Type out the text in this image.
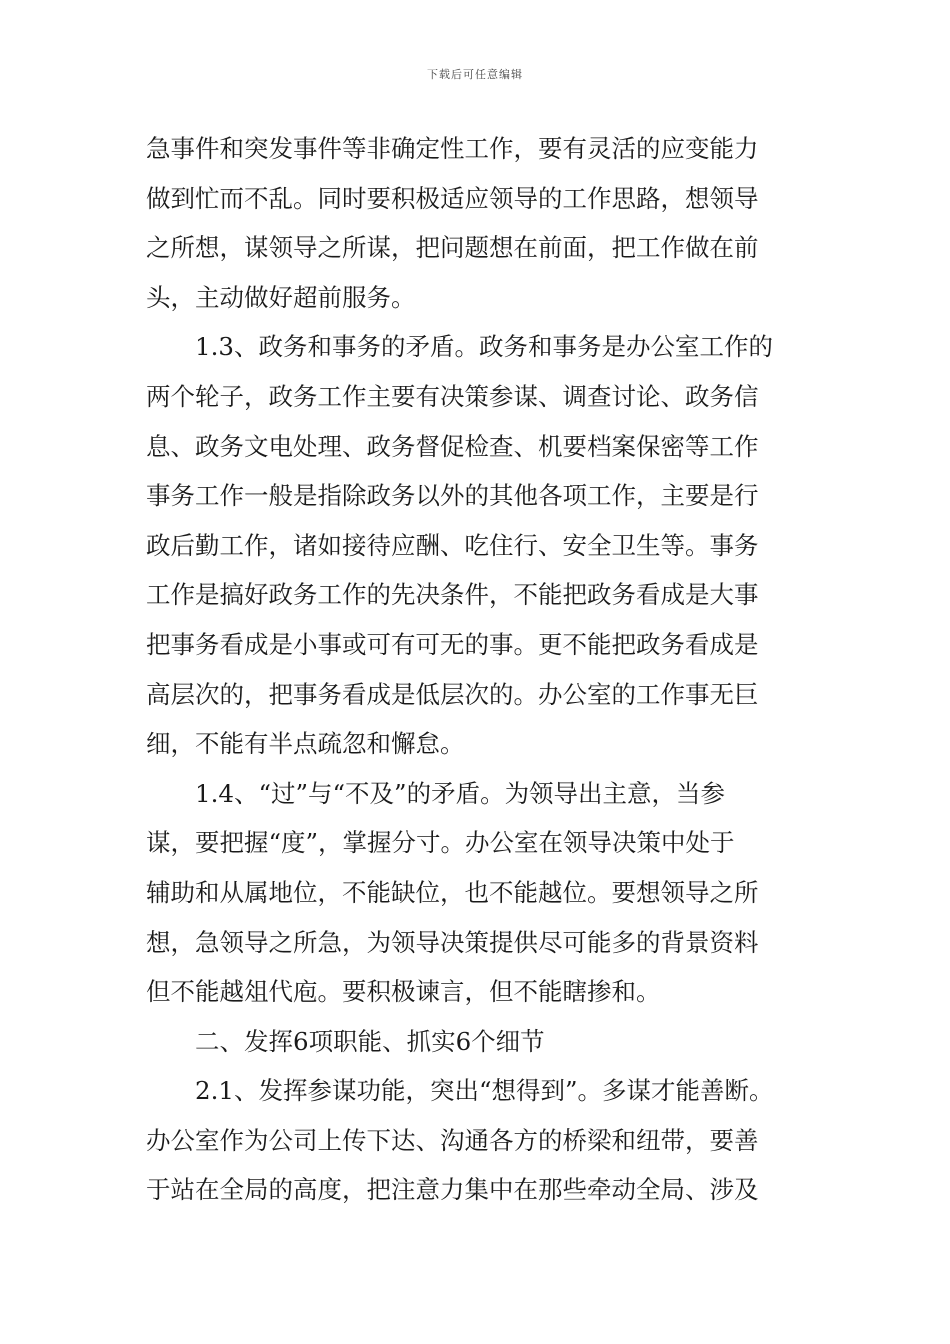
下载后可任意编辑
急事件和突发事件等非确定性工作，要有灵活的应变能力
做到忙而不乱。同时要积极适应领导的工作思路，想领导
之所想，谋领导之所谋，把问题想在前面，把工作做在前
头，主动做好超前服务。
　　1.3、政务和事务的矛盾。政务和事务是办公室工作的
两个轮子，政务工作主要有决策参谋、调查讨论、政务信
息、政务文电处理、政务督促检查、机要档案保密等工作
事务工作一般是指除政务以外的其他各项工作，主要是行
政后勤工作，诸如接待应酬、吃住行、安全卫生等。事务
工作是搞好政务工作的先决条件，不能把政务看成是大事
把事务看成是小事或可有可无的事。更不能把政务看成是
高层次的，把事务看成是低层次的。办公室的工作事无巨
细，不能有半点疏忽和懈怠。
　　1.4、“过”与“不及”的矛盾。为领导出主意，当参
谋，要把握“度”，掌握分寸。办公室在领导决策中处于
辅助和从属地位，不能缺位，也不能越位。要想领导之所
想，急领导之所急，为领导决策提供尽可能多的背景资料
但不能越俎代庖。要积极谏言，但不能瞎掺和。
　　二、发挥6项职能、抓实6个细节
　　2.1、发挥参谋功能，突出“想得到”。多谋才能善断。
办公室作为公司上传下达、沟通各方的桥梁和纽带，要善
于站在全局的高度，把注意力集中在那些牵动全局、涉及
